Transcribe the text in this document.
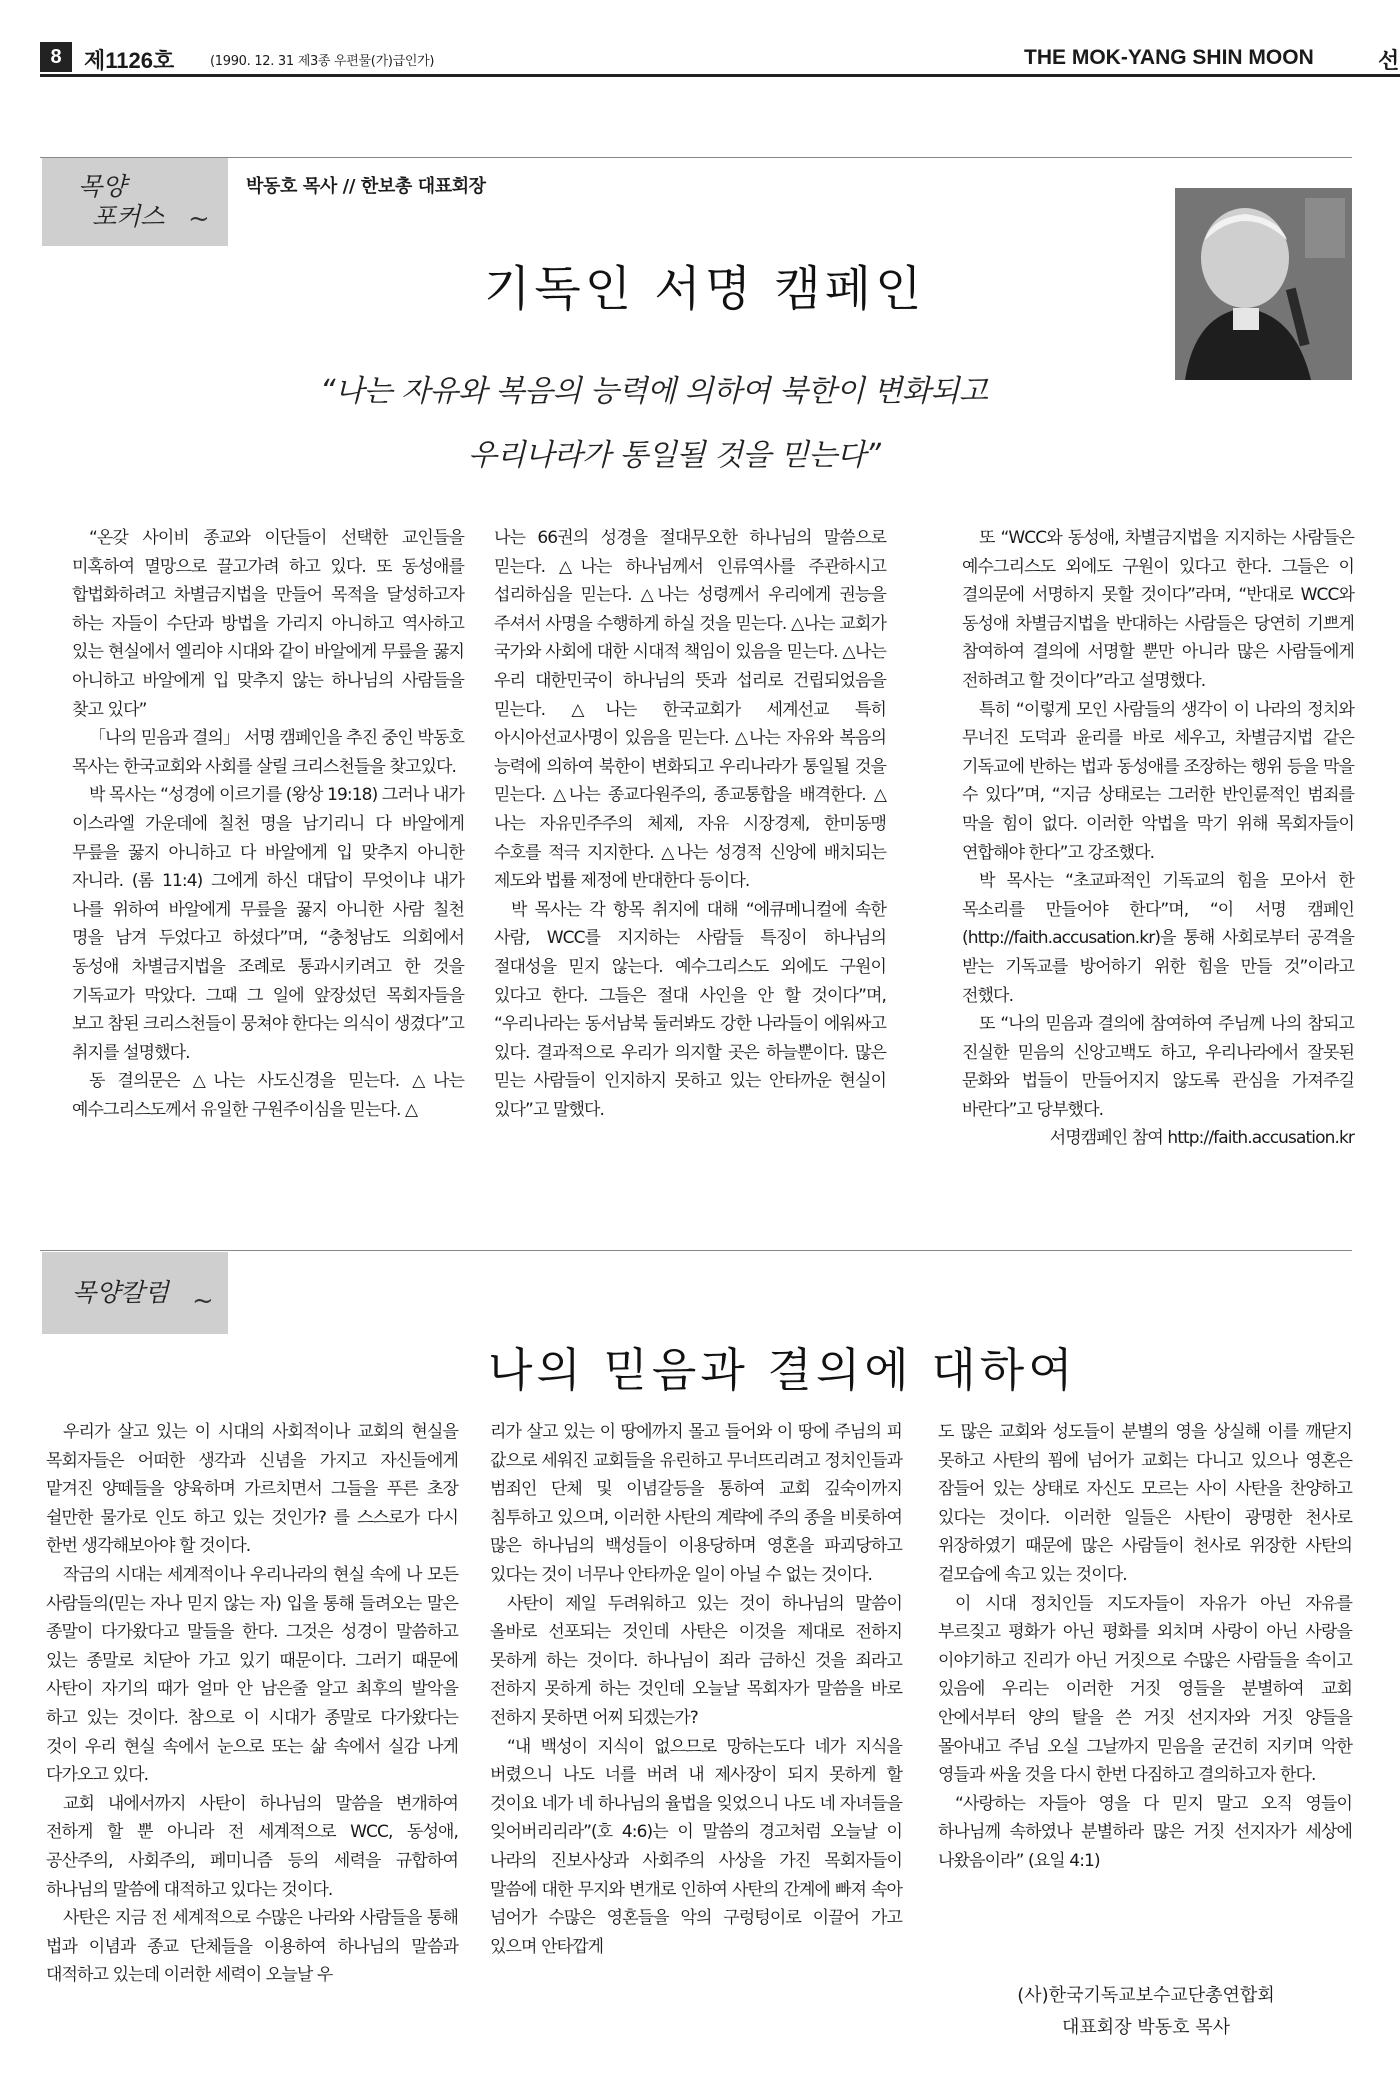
8	제1126호	(1990. 12. 31 제3종 우편물(가)급인가)	THE MOK-YANG SHIN MOON	선
목양
포커스 ~
박동호 목사 // 한보총 대표회장
기독인 서명 캠페인
“나는 자유와 복음의 능력에 의하여 북한이 변화되고
우리나라가 통일될 것을 믿는다”

“온갖 사이비 종교와 이단들이 선택한 교인들을 미혹하여 멸망으로 끌고가려 하고 있다. 또 동성애를 합법화하려고 차별금지법을 만들어 목적을 달성하고자 하는 자들이 수단과 방법을 가리지 아니하고 역사하고 있는 현실에서 엘리야 시대와 같이 바알에게 무릎을 꿇지 아니하고 바알에게 입 맞추지 않는 하나님의 사람들을 찾고 있다”

「나의 믿음과 결의」 서명 캠페인을 추진 중인 박동호 목사는 한국교회와 사회를 살릴 크리스천들을 찾고있다.

박 목사는 “성경에 이르기를 (왕상 19:18) 그러나 내가 이스라엘 가운데에 칠천 명을 남기리니 다 바알에게 무릎을 꿇지 아니하고 다 바알에게 입 맞추지 아니한 자니라. (롬 11:4) 그에게 하신 대답이 무엇이냐 내가 나를 위하여 바알에게 무릎을 꿇지 아니한 사람 칠천 명을 남겨 두었다고 하셨다”며, “충청남도 의회에서 동성애 차별금지법을 조례로 통과시키려고 한 것을 기독교가 막았다. 그때 그 일에 앞장섰던 목회자들을 보고 참된 크리스천들이 뭉쳐야 한다는 의식이 생겼다”고 취지를 설명했다.

동 결의문은 △나는 사도신경을 믿는다. △나는 예수그리스도께서 유일한 구원주이심을 믿는다. △

나는 66권의 성경을 절대무오한 하나님의 말씀으로 믿는다. △나는 하나님께서 인류역사를 주관하시고 섭리하심을 믿는다. △나는 성령께서 우리에게 권능을 주셔서 사명을 수행하게 하실 것을 믿는다. △나는 교회가 국가와 사회에 대한 시대적 책임이 있음을 믿는다. △나는 우리 대한민국이 하나님의 뜻과 섭리로 건립되었음을 믿는다. △나는 한국교회가 세계선교 특히 아시아선교사명이 있음을 믿는다. △나는 자유와 복음의 능력에 의하여 북한이 변화되고 우리나라가 통일될 것을 믿는다. △나는 종교다원주의, 종교통합을 배격한다. △나는 자유민주주의 체제, 자유 시장경제, 한미동맹 수호를 적극 지지한다. △나는 성경적 신앙에 배치되는 제도와 법률 제정에 반대한다 등이다.

박 목사는 각 항목 취지에 대해 “에큐메니컬에 속한 사람, WCC를 지지하는 사람들 특징이 하나님의 절대성을 믿지 않는다. 예수그리스도 외에도 구원이 있다고 한다. 그들은 절대 사인을 안 할 것이다”며, “우리나라는 동서남북 둘러봐도 강한 나라들이 에워싸고 있다. 결과적으로 우리가 의지할 곳은 하늘뿐이다. 많은 믿는 사람들이 인지하지 못하고 있는 안타까운 현실이 있다”고 말했다.

또 “WCC와 동성애, 차별금지법을 지지하는 사람들은 예수그리스도 외에도 구원이 있다고 한다. 그들은 이 결의문에 서명하지 못할 것이다”라며, “반대로 WCC와 동성애 차별금지법을 반대하는 사람들은 당연히 기쁘게 참여하여 결의에 서명할 뿐만 아니라 많은 사람들에게 전하려고 할 것이다”라고 설명했다.

특히 “이렇게 모인 사람들의 생각이 이 나라의 정치와 무너진 도덕과 윤리를 바로 세우고, 차별금지법 같은 기독교에 반하는 법과 동성애를 조장하는 행위 등을 막을 수 있다”며, “지금 상태로는 그러한 반인륜적인 범죄를 막을 힘이 없다. 이러한 악법을 막기 위해 목회자들이 연합해야 한다”고 강조했다.

박 목사는 “초교파적인 기독교의 힘을 모아서 한 목소리를 만들어야 한다”며, “이 서명 캠페인(http://faith.accusation.kr)을 통해 사회로부터 공격을 받는 기독교를 방어하기 위한 힘을 만들 것”이라고 전했다.

또 “나의 믿음과 결의에 참여하여 주님께 나의 참되고 진실한 믿음의 신앙고백도 하고, 우리나라에서 잘못된 문화와 법들이 만들어지지 않도록 관심을 가져주길 바란다”고 당부했다.

서명캠페인 참여 http://faith.accusation.kr

목양칼럼 ~
나의 믿음과 결의에 대하여

우리가 살고 있는 이 시대의 사회적이나 교회의 현실을 목회자들은 어떠한 생각과 신념을 가지고 자신들에게 맡겨진 양떼들을 양육하며 가르치면서 그들을 푸른 초장 쉴만한 물가로 인도 하고 있는 것인가? 를 스스로가 다시 한번 생각해보아야 할 것이다.

작금의 시대는 세계적이나 우리나라의 현실 속에 나 모든 사람들의(믿는 자나 믿지 않는 자) 입을 통해 들려오는 말은 종말이 다가왔다고 말들을 한다. 그것은 성경이 말씀하고 있는 종말로 치닫아 가고 있기 때문이다. 그러기 때문에 사탄이 자기의 때가 얼마 안 남은줄 알고 최후의 발악을 하고 있는 것이다. 참으로 이 시대가 종말로 다가왔다는 것이 우리 현실 속에서 눈으로 또는 삶 속에서 실감 나게 다가오고 있다.

교회 내에서까지 사탄이 하나님의 말씀을 변개하여 전하게 할 뿐 아니라 전 세계적으로 WCC, 동성애, 공산주의, 사회주의, 페미니즘 등의 세력을 규합하여 하나님의 말씀에 대적하고 있다는 것이다.

사탄은 지금 전 세계적으로 수많은 나라와 사람들을 통해 법과 이념과 종교 단체들을 이용하여 하나님의 말씀과 대적하고 있는데 이러한 세력이 오늘날 우

리가 살고 있는 이 땅에까지 몰고 들어와 이 땅에 주님의 피 값으로 세워진 교회들을 유린하고 무너뜨리려고 정치인들과 범죄인 단체 및 이념갈등을 통하여 교회 깊숙이까지 침투하고 있으며, 이러한 사탄의 계략에 주의 종을 비롯하여 많은 하나님의 백성들이 이용당하며 영혼을 파괴당하고 있다는 것이 너무나 안타까운 일이 아닐 수 없는 것이다.

사탄이 제일 두려워하고 있는 것이 하나님의 말씀이 올바로 선포되는 것인데 사탄은 이것을 제대로 전하지 못하게 하는 것이다. 하나님이 죄라 금하신 것을 죄라고 전하지 못하게 하는 것인데 오늘날 목회자가 말씀을 바로 전하지 못하면 어찌 되겠는가?

“내 백성이 지식이 없으므로 망하는도다 네가 지식을 버렸으니 나도 너를 버려 내 제사장이 되지 못하게 할 것이요 네가 네 하나님의 율법을 잊었으니 나도 네 자녀들을 잊어버리리라”(호 4:6)는 이 말씀의 경고처럼 오늘날 이 나라의 진보사상과 사회주의 사상을 가진 목회자들이 말씀에 대한 무지와 변개로 인하여 사탄의 간계에 빠져 속아 넘어가 수많은 영혼들을 악의 구렁텅이로 이끌어 가고 있으며 안타깝게

도 많은 교회와 성도들이 분별의 영을 상실해 이를 깨닫지 못하고 사탄의 꾐에 넘어가 교회는 다니고 있으나 영혼은 잠들어 있는 상태로 자신도 모르는 사이 사탄을 찬양하고 있다는 것이다. 이러한 일들은 사탄이 광명한 천사로 위장하였기 때문에 많은 사람들이 천사로 위장한 사탄의 겉모습에 속고 있는 것이다.

이 시대 정치인들 지도자들이 자유가 아닌 자유를 부르짖고 평화가 아닌 평화를 외치며 사랑이 아닌 사랑을 이야기하고 진리가 아닌 거짓으로 수많은 사람들을 속이고 있음에 우리는 이러한 거짓 영들을 분별하여 교회 안에서부터 양의 탈을 쓴 거짓 선지자와 거짓 양들을 몰아내고 주님 오실 그날까지 믿음을 굳건히 지키며 악한 영들과 싸울 것을 다시 한번 다짐하고 결의하고자 한다.

“사랑하는 자들아 영을 다 믿지 말고 오직 영들이 하나님께 속하였나 분별하라 많은 거짓 선지자가 세상에 나왔음이라” (요일 4:1)

(사)한국기독교보수교단총연합회
대표회장 박동호 목사
